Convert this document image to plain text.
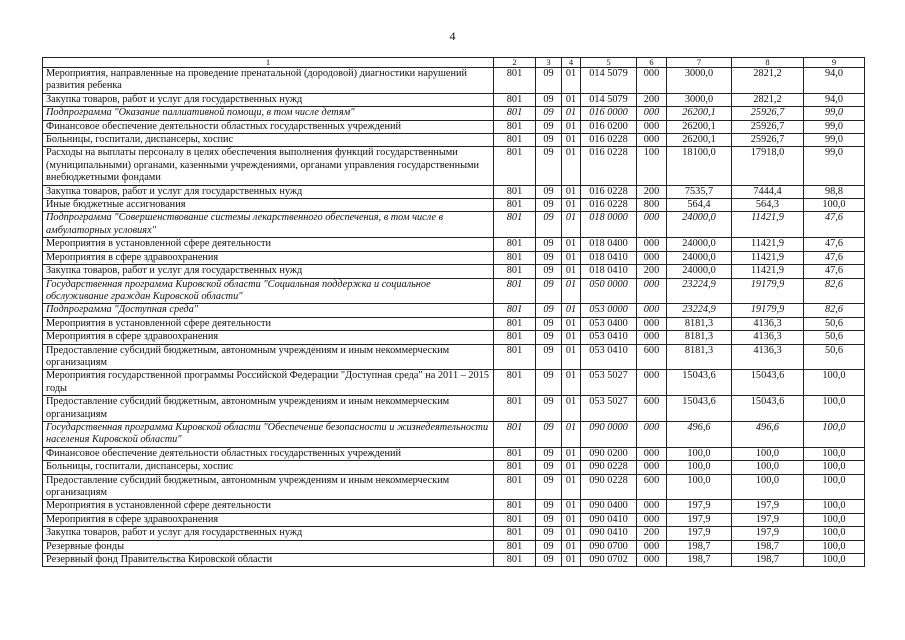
4
1	2	3	4	5	6	7	8	9
Мероприятия, направленные на проведение пренатальной (дородовой) диагностики нарушений развития ребенка	801	09	01	014 5079	000	3000,0	2821,2	94,0
Закупка товаров, работ и услуг для государственных нужд	801	09	01	014 5079	200	3000,0	2821,2	94,0
Подпрограмма "Оказание паллиативной помощи, в том числе детям"	801	09	01	016 0000	000	26200,1	25926,7	99,0
Финансовое обеспечение деятельности областных государственных учреждений	801	09	01	016 0200	000	26200,1	25926,7	99,0
Больницы, госпитали, диспансеры, хоспис	801	09	01	016 0228	000	26200,1	25926,7	99,0
Расходы на выплаты персоналу в целях обеспечения выполнения функций государственными (муниципальными) органами, казенными учреждениями, органами управления государственными внебюджетными фондами	801	09	01	016 0228	100	18100,0	17918,0	99,0
Закупка товаров, работ и услуг для государственных нужд	801	09	01	016 0228	200	7535,7	7444,4	98,8
Иные бюджетные ассигнования	801	09	01	016 0228	800	564,4	564,3	100,0
Подпрограмма "Совершенствование системы лекарственного обеспечения, в том числе в амбулаторных условиях"	801	09	01	018 0000	000	24000,0	11421,9	47,6
Мероприятия в установленной сфере деятельности	801	09	01	018 0400	000	24000,0	11421,9	47,6
Мероприятия в сфере здравоохранения	801	09	01	018 0410	000	24000,0	11421,9	47,6
Закупка товаров, работ и услуг для государственных нужд	801	09	01	018 0410	200	24000,0	11421,9	47,6
Государственная программа Кировской области "Социальная поддержка и социальное обслуживание граждан Кировской области"	801	09	01	050 0000	000	23224,9	19179,9	82,6
Подпрограмма "Доступная среда"	801	09	01	053 0000	000	23224,9	19179,9	82,6
Мероприятия в установленной сфере деятельности	801	09	01	053 0400	000	8181,3	4136,3	50,6
Мероприятия в сфере здравоохранения	801	09	01	053 0410	000	8181,3	4136,3	50,6
Предоставление субсидий бюджетным, автономным учреждениям и иным некоммерческим организациям	801	09	01	053 0410	600	8181,3	4136,3	50,6
Мероприятия государственной программы Российской Федерации "Доступная среда" на 2011 – 2015 годы	801	09	01	053 5027	000	15043,6	15043,6	100,0
Предоставление субсидий бюджетным, автономным учреждениям и иным некоммерческим организациям	801	09	01	053 5027	600	15043,6	15043,6	100,0
Государственная программа Кировской области "Обеспечение безопасности и жизнедеятельности населения Кировской области"	801	09	01	090 0000	000	496,6	496,6	100,0
Финансовое обеспечение деятельности областных государственных учреждений	801	09	01	090 0200	000	100,0	100,0	100,0
Больницы, госпитали, диспансеры, хоспис	801	09	01	090 0228	000	100,0	100,0	100,0
Предоставление субсидий бюджетным, автономным учреждениям и иным некоммерческим организациям	801	09	01	090 0228	600	100,0	100,0	100,0
Мероприятия в установленной сфере деятельности	801	09	01	090 0400	000	197,9	197,9	100,0
Мероприятия в сфере здравоохранения	801	09	01	090 0410	000	197,9	197,9	100,0
Закупка товаров, работ и услуг для государственных нужд	801	09	01	090 0410	200	197,9	197,9	100,0
Резервные фонды	801	09	01	090 0700	000	198,7	198,7	100,0
Резервный фонд Правительства Кировской области	801	09	01	090 0702	000	198,7	198,7	100,0
